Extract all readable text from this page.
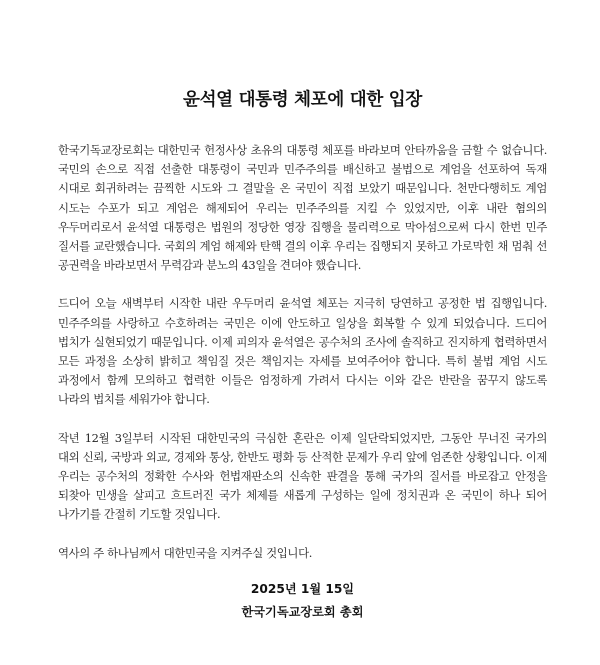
윤석열 대통령 체포에 대한 입장

한국기독교장로회는 대한민국 헌정사상 초유의 대통령 체포를 바라보며 안타까움을 금할 수 없습니다. 국민의 손으로 직접 선출한 대통령이 국민과 민주주의를 배신하고 불법으로 계엄을 선포하여 독재 시대로 회귀하려는 끔찍한 시도와 그 결말을 온 국민이 직접 보았기 때문입니다. 천만다행히도 계엄 시도는 수포가 되고 계엄은 해제되어 우리는 민주주의를 지킬 수 있었지만, 이후 내란 혐의의 우두머리로서 윤석열 대통령은 법원의 정당한 영장 집행을 물리력으로 막아섬으로써 다시 한번 민주 질서를 교란했습니다. 국회의 계엄 해제와 탄핵 결의 이후 우리는 집행되지 못하고 가로막힌 채 멈춰 선 공권력을 바라보면서 무력감과 분노의 43일을 견뎌야 했습니다.

드디어 오늘 새벽부터 시작한 내란 우두머리 윤석열 체포는 지극히 당연하고 공정한 법 집행입니다. 민주주의를 사랑하고 수호하려는 국민은 이에 안도하고 일상을 회복할 수 있게 되었습니다. 드디어 법치가 실현되었기 때문입니다. 이제 피의자 윤석열은 공수처의 조사에 솔직하고 진지하게 협력하면서 모든 과정을 소상히 밝히고 책임질 것은 책임지는 자세를 보여주어야 합니다. 특히 불법 계엄 시도 과정에서 함께 모의하고 협력한 이들은 엄정하게 가려서 다시는 이와 같은 반란을 꿈꾸지 않도록 나라의 법치를 세워가야 합니다.

작년 12월 3일부터 시작된 대한민국의 극심한 혼란은 이제 일단락되었지만, 그동안 무너진 국가의 대외 신뢰, 국방과 외교, 경제와 통상, 한반도 평화 등 산적한 문제가 우리 앞에 엄존한 상황입니다. 이제 우리는 공수처의 정확한 수사와 헌법재판소의 신속한 판결을 통해 국가의 질서를 바로잡고 안정을 되찾아 민생을 살피고 흐트러진 국가 체제를 새롭게 구성하는 일에 정치권과 온 국민이 하나 되어 나가기를 간절히 기도할 것입니다.

역사의 주 하나님께서 대한민국을 지켜주실 것입니다.

2025년 1월 15일

한국기독교장로회 총회
